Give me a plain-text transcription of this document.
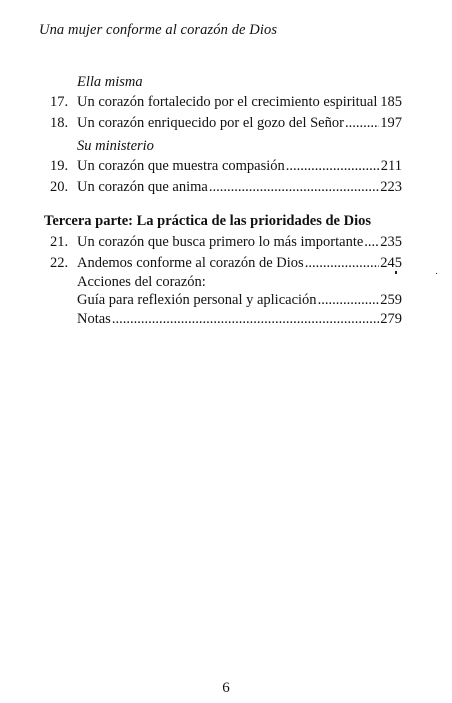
Una mujer conforme al corazón de Dios
Ella misma
17. Un corazón fortalecido por el crecimiento espiritual ..... 185
18. Un corazón enriquecido por el gozo del Señor .....	197
Su ministerio
19. Un corazón que muestra compasión .....	211
20. Un corazón que anima .....	223
Tercera parte: La práctica de las prioridades de Dios
21. Un corazón que busca primero lo más importante ..... 235
22. Andemos conforme al corazón de Dios .....	245
Acciones del corazón:
Guía para reflexión personal y aplicación .....	259
Notas .....	279
6
